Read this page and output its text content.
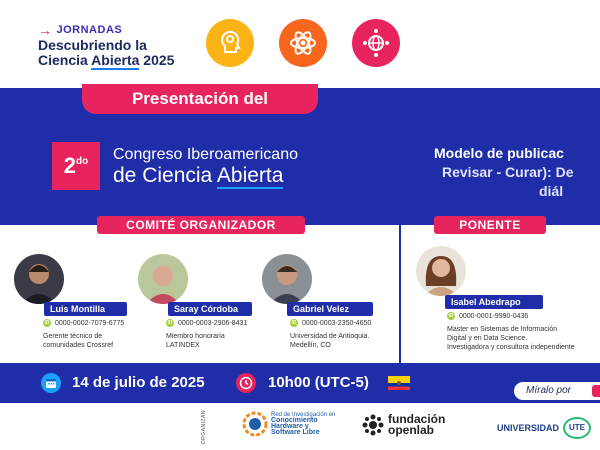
→ JORNADAS
Descubriendo la
Ciencia Abierta 2025
Presentación del
$2^{do}$ Congreso Iberoamericano
de Ciencia Abierta
Modelo de publicac
Revisar - Curar): De
diál
COMITÉ ORGANIZADOR	PONENTE
Luis Montilla
iD 0000-0002-7079-6775
Gerente técnico de
comunidades Crossref
Saray Córdoba
iD 0000-0003-2906-8431
Miembro honoraria
LATINDEX
Gabriel Velez
iD 0000-0003-2350-4650
Universidad de Antioquia.
Medellín, CO
Isabel Abedrapo
iD 0000-0001-9990-0436
Master en Sistemas de Información
Digital y en Data Science.
Investigadora y consultora independiente
14 de julio de 2025	10h00 (UTC-5)	Míralo por
ORGANIZAN	Red de Investigación en
Conocimiento
Hardware y
Software Libre
fundación
openlab	UNIVERSIDAD	UTE
